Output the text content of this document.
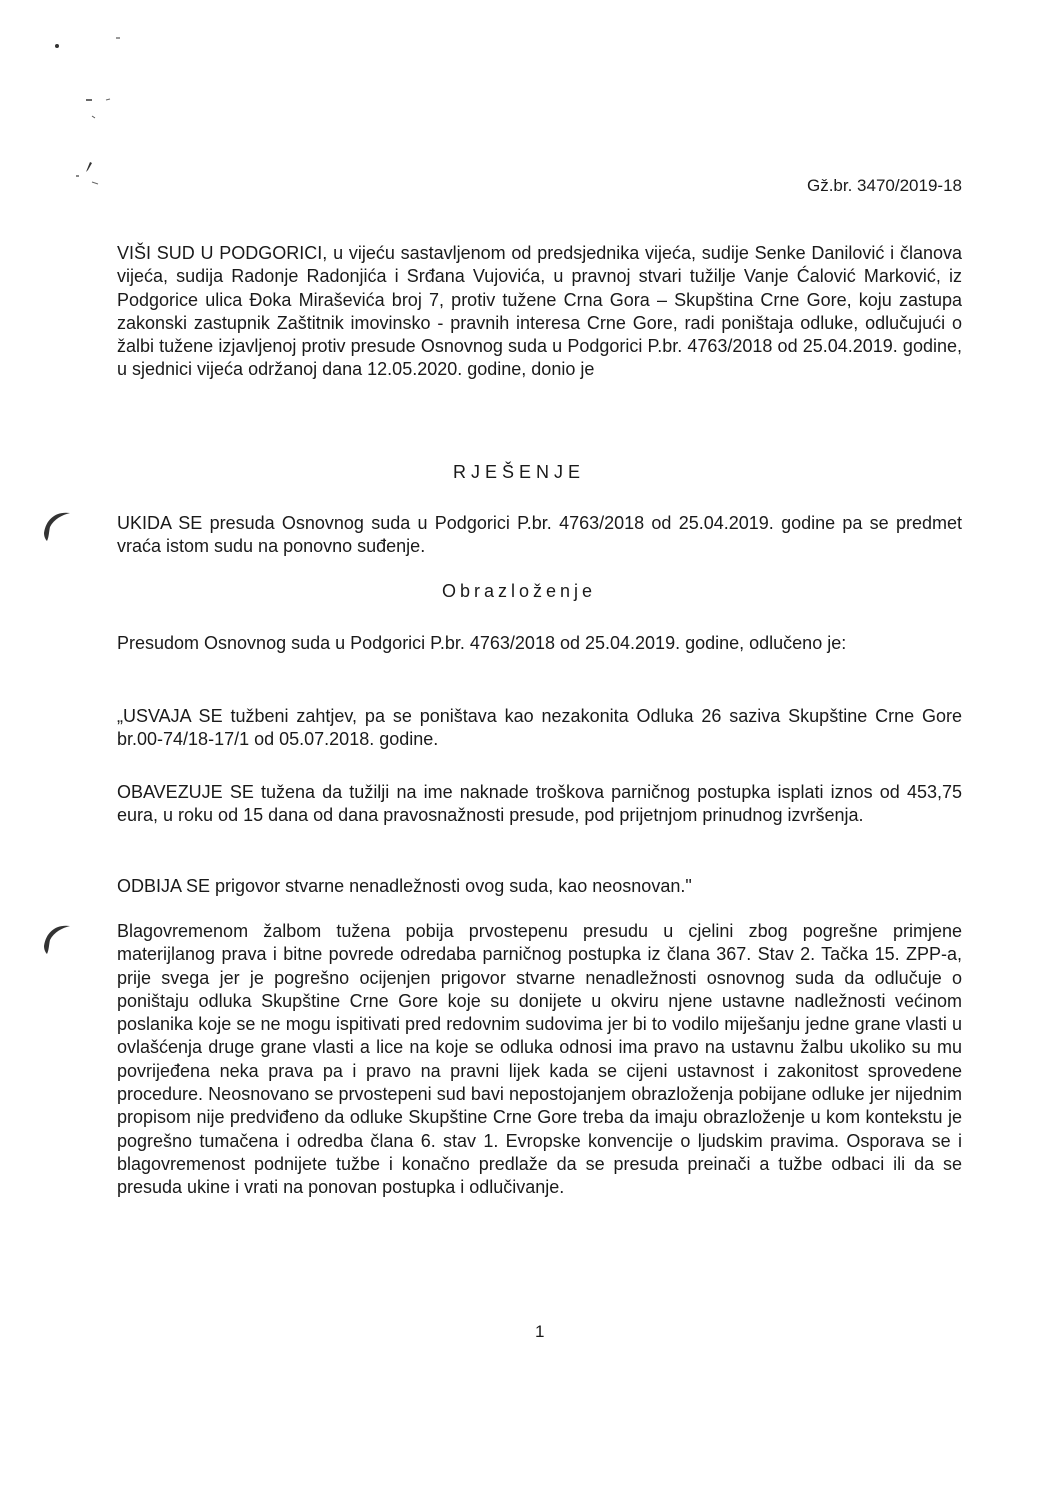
Gž.br. 3470/2019-18

VIŠI SUD U PODGORICI, u vijeću sastavljenom od predsjednika vijeća, sudije Senke Danilović i članova vijeća, sudija Radonje Radonjića i Srđana Vujovića, u pravnoj stvari tužilje Vanje Ćalović Marković, iz Podgorice ulica Đoka Miraševića broj 7, protiv tužene Crna Gora – Skupština Crne Gore, koju zastupa zakonski zastupnik Zaštitnik imovinsko - pravnih interesa Crne Gore, radi poništaja odluke, odlučujući o žalbi tužene izjavljenoj protiv presude Osnovnog suda u Podgorici P.br. 4763/2018 od 25.04.2019. godine, u sjednici vijeća održanoj dana 12.05.2020. godine, donio je

RJEŠENJE

UKIDA SE presuda Osnovnog suda u Podgorici P.br. 4763/2018 od 25.04.2019. godine pa se predmet vraća istom sudu na ponovno suđenje.

Obrazloženje

Presudom Osnovnog suda u Podgorici P.br. 4763/2018 od 25.04.2019. godine, odlučeno je:

„USVAJA SE tužbeni zahtjev, pa se poništava kao nezakonita Odluka 26 saziva Skupštine Crne Gore br.00-74/18-17/1 od 05.07.2018. godine.

OBAVEZUJE SE tužena da tužilji na ime naknade troškova parničnog postupka isplati iznos od 453,75 eura, u roku od 15 dana od dana pravosnažnosti presude, pod prijetnjom prinudnog izvršenja.

ODBIJA SE prigovor stvarne nenadležnosti ovog suda, kao neosnovan."

Blagovremenom žalbom tužena pobija prvostepenu presudu u cjelini zbog pogrešne primjene materijlanog prava i bitne povrede odredaba parničnog postupka iz člana 367. Stav 2. Tačka 15. ZPP-a, prije svega jer je pogrešno ocijenjen prigovor stvarne nenadležnosti osnovnog suda da odlučuje o poništaju odluka Skupštine Crne Gore koje su donijete u okviru njene ustavne nadležnosti većinom poslanika koje se ne mogu ispitivati pred redovnim sudovima jer bi to vodilo miješanju jedne grane vlasti u ovlašćenja druge grane vlasti a lice na koje se odluka odnosi ima pravo na ustavnu žalbu ukoliko su mu povrijeđena neka prava pa i pravo na pravni lijek kada se cijeni ustavnost i zakonitost sprovedene procedure. Neosnovano se prvostepeni sud bavi nepostojanjem obrazloženja pobijane odluke jer nijednim propisom nije predviđeno da odluke Skupštine Crne Gore treba da imaju obrazloženje u kom kontekstu je pogrešno tumačena i odredba člana 6. stav 1. Evropske konvencije o ljudskim pravima. Osporava se i blagovremenost podnijete tužbe i konačno predlaže da se presuda preinači a tužbe odbaci ili da se presuda ukine i vrati na ponovan postupka i odlučivanje.

1
